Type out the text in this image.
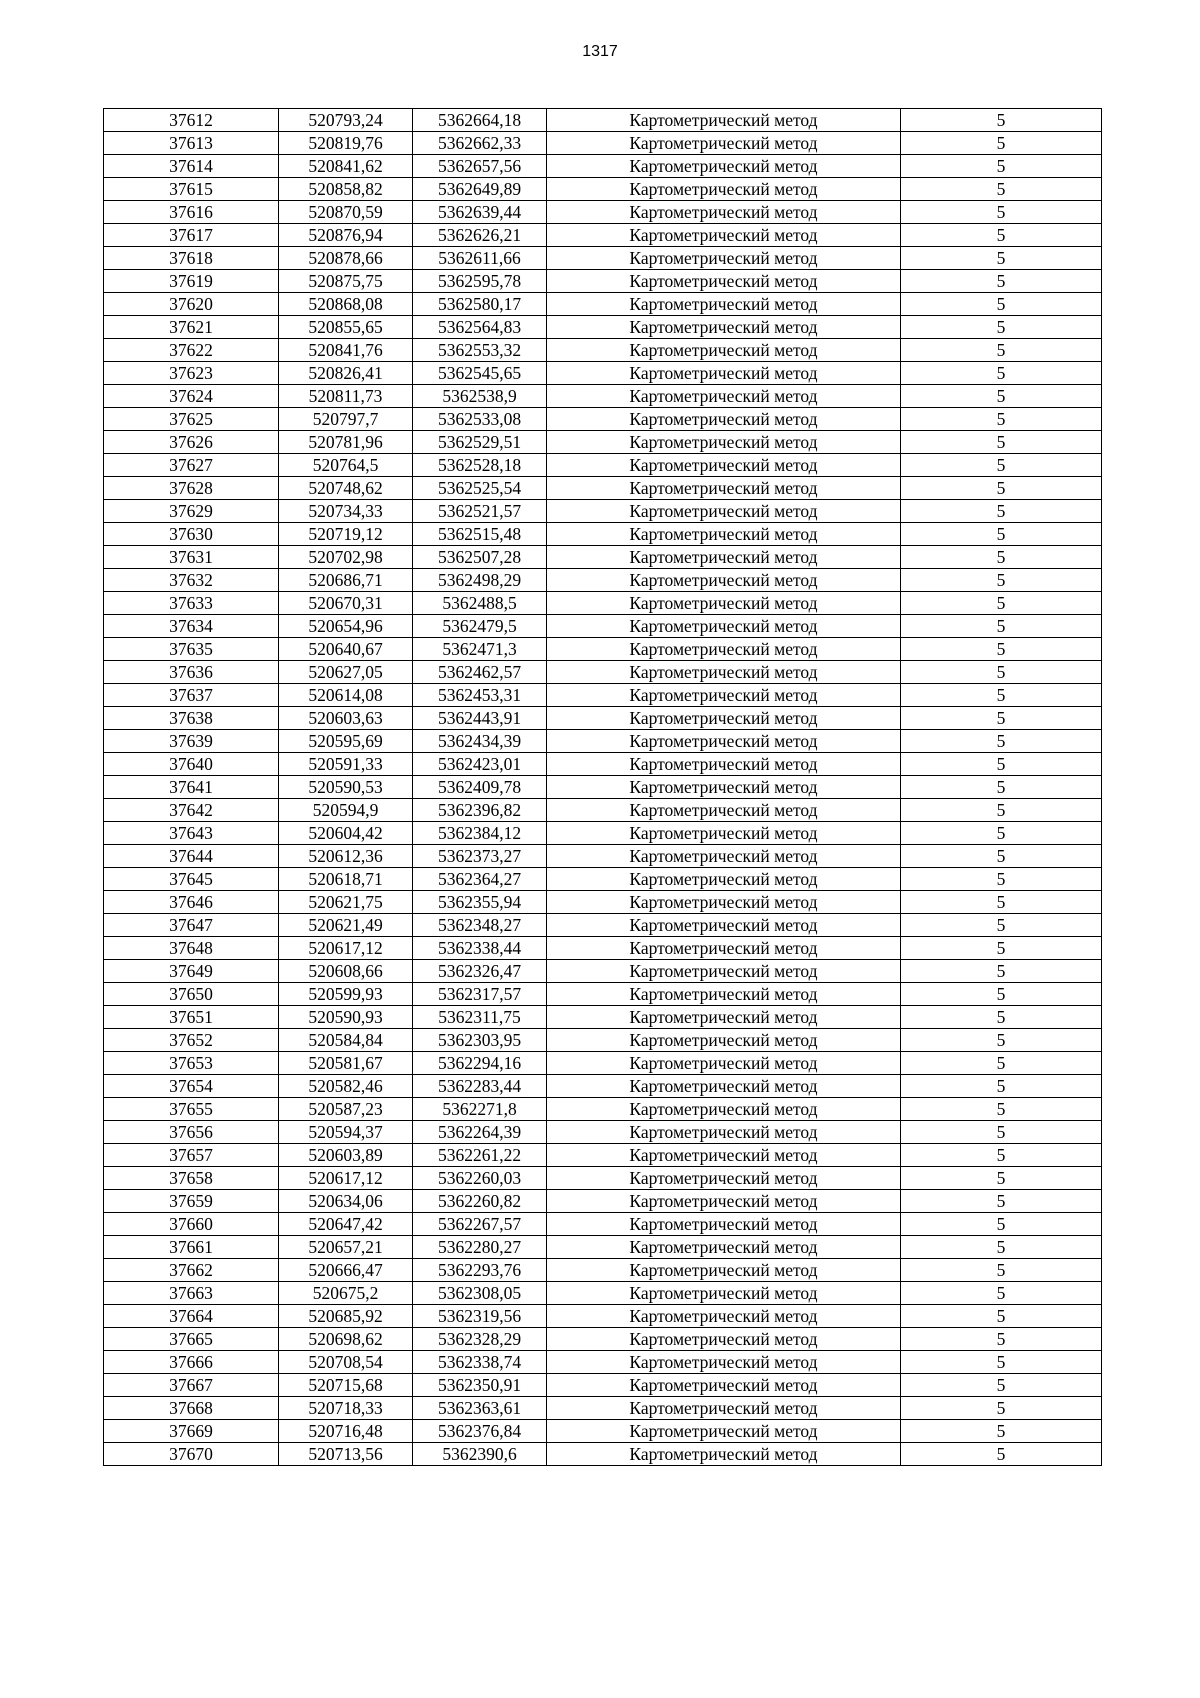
1317
37612	520793,24	5362664,18	Картометрический метод	5
37613	520819,76	5362662,33	Картометрический метод	5
37614	520841,62	5362657,56	Картометрический метод	5
37615	520858,82	5362649,89	Картометрический метод	5
37616	520870,59	5362639,44	Картометрический метод	5
37617	520876,94	5362626,21	Картометрический метод	5
37618	520878,66	5362611,66	Картометрический метод	5
37619	520875,75	5362595,78	Картометрический метод	5
37620	520868,08	5362580,17	Картометрический метод	5
37621	520855,65	5362564,83	Картометрический метод	5
37622	520841,76	5362553,32	Картометрический метод	5
37623	520826,41	5362545,65	Картометрический метод	5
37624	520811,73	5362538,9	Картометрический метод	5
37625	520797,7	5362533,08	Картометрический метод	5
37626	520781,96	5362529,51	Картометрический метод	5
37627	520764,5	5362528,18	Картометрический метод	5
37628	520748,62	5362525,54	Картометрический метод	5
37629	520734,33	5362521,57	Картометрический метод	5
37630	520719,12	5362515,48	Картометрический метод	5
37631	520702,98	5362507,28	Картометрический метод	5
37632	520686,71	5362498,29	Картометрический метод	5
37633	520670,31	5362488,5	Картометрический метод	5
37634	520654,96	5362479,5	Картометрический метод	5
37635	520640,67	5362471,3	Картометрический метод	5
37636	520627,05	5362462,57	Картометрический метод	5
37637	520614,08	5362453,31	Картометрический метод	5
37638	520603,63	5362443,91	Картометрический метод	5
37639	520595,69	5362434,39	Картометрический метод	5
37640	520591,33	5362423,01	Картометрический метод	5
37641	520590,53	5362409,78	Картометрический метод	5
37642	520594,9	5362396,82	Картометрический метод	5
37643	520604,42	5362384,12	Картометрический метод	5
37644	520612,36	5362373,27	Картометрический метод	5
37645	520618,71	5362364,27	Картометрический метод	5
37646	520621,75	5362355,94	Картометрический метод	5
37647	520621,49	5362348,27	Картометрический метод	5
37648	520617,12	5362338,44	Картометрический метод	5
37649	520608,66	5362326,47	Картометрический метод	5
37650	520599,93	5362317,57	Картометрический метод	5
37651	520590,93	5362311,75	Картометрический метод	5
37652	520584,84	5362303,95	Картометрический метод	5
37653	520581,67	5362294,16	Картометрический метод	5
37654	520582,46	5362283,44	Картометрический метод	5
37655	520587,23	5362271,8	Картометрический метод	5
37656	520594,37	5362264,39	Картометрический метод	5
37657	520603,89	5362261,22	Картометрический метод	5
37658	520617,12	5362260,03	Картометрический метод	5
37659	520634,06	5362260,82	Картометрический метод	5
37660	520647,42	5362267,57	Картометрический метод	5
37661	520657,21	5362280,27	Картометрический метод	5
37662	520666,47	5362293,76	Картометрический метод	5
37663	520675,2	5362308,05	Картометрический метод	5
37664	520685,92	5362319,56	Картометрический метод	5
37665	520698,62	5362328,29	Картометрический метод	5
37666	520708,54	5362338,74	Картометрический метод	5
37667	520715,68	5362350,91	Картометрический метод	5
37668	520718,33	5362363,61	Картометрический метод	5
37669	520716,48	5362376,84	Картометрический метод	5
37670	520713,56	5362390,6	Картометрический метод	5
